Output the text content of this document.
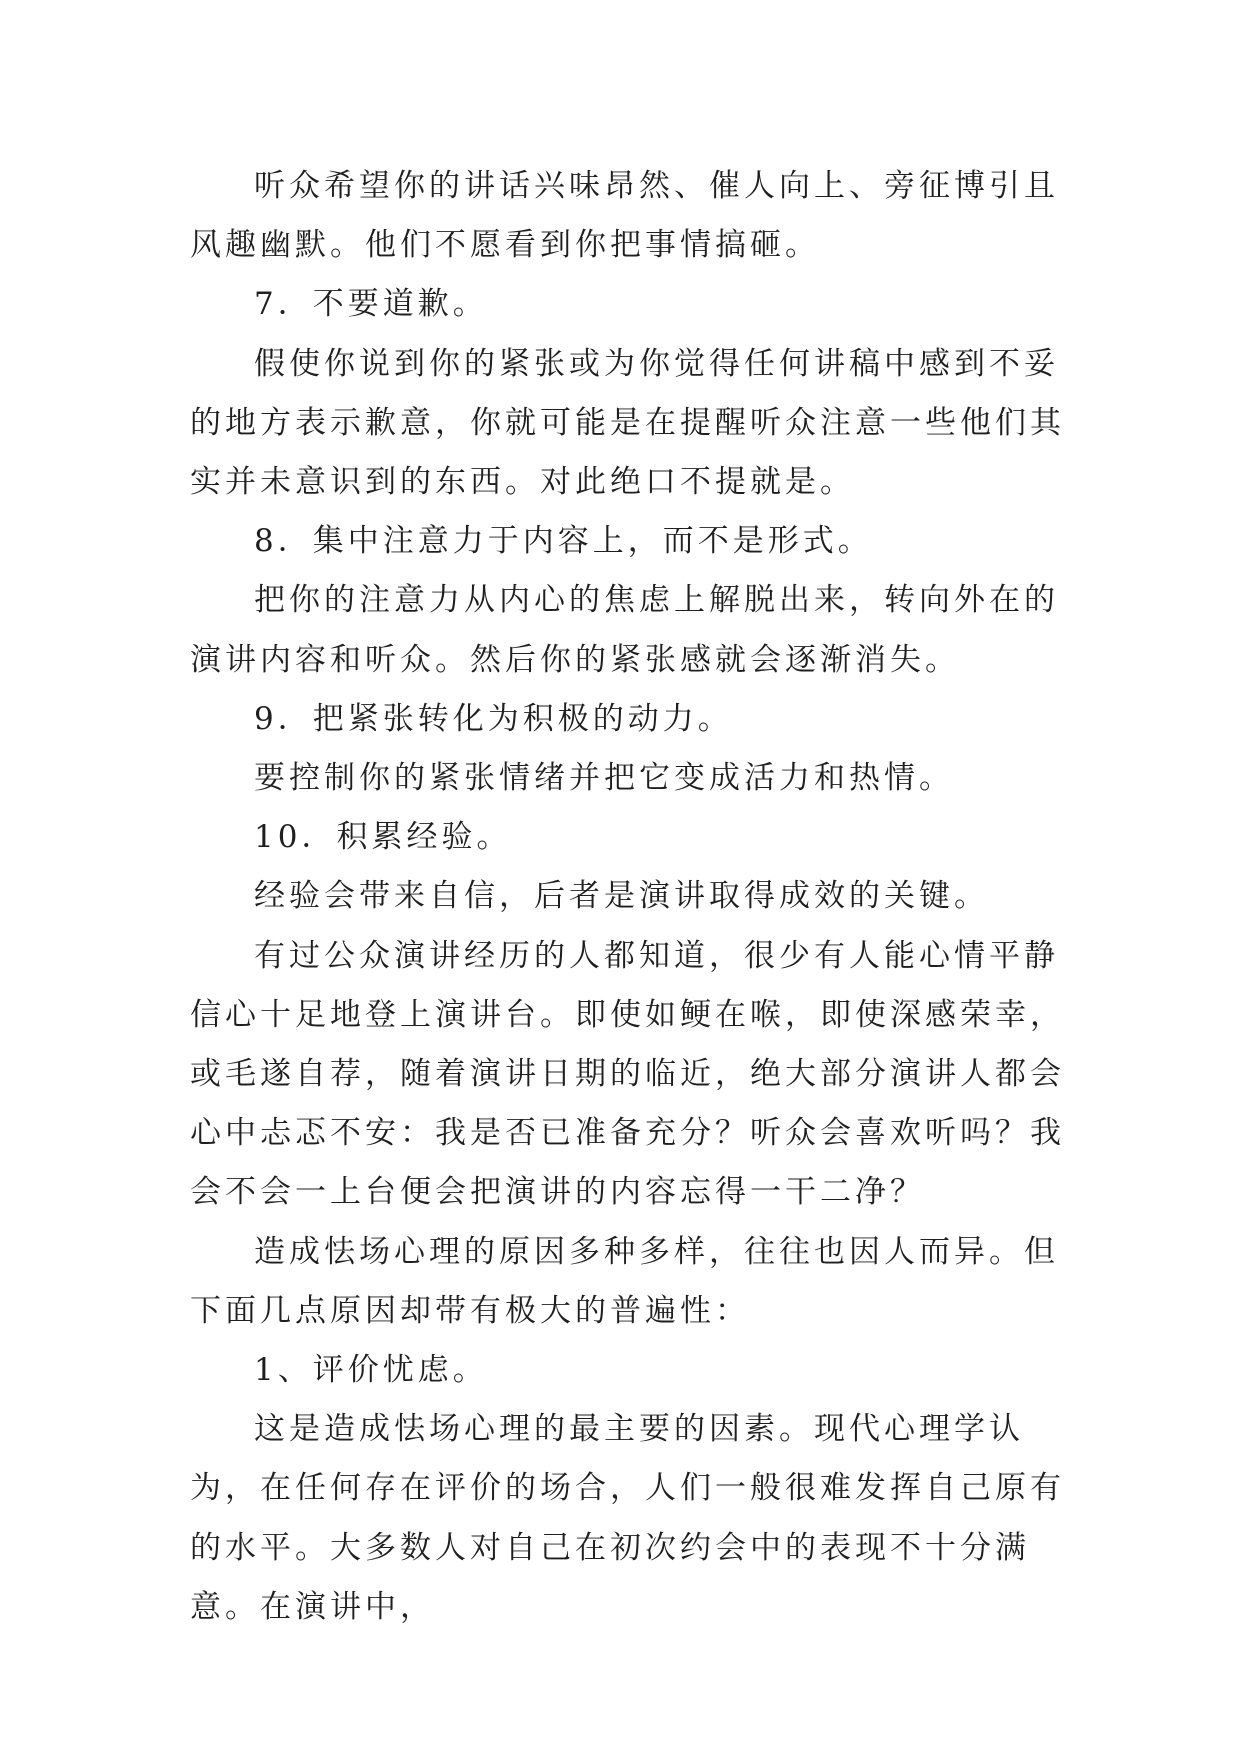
听众希望你的讲话兴味昂然、催人向上、旁征博引且风趣幽默。他们不愿看到你把事情搞砸。

7．不要道歉。

假使你说到你的紧张或为你觉得任何讲稿中感到不妥的地方表示歉意，你就可能是在提醒听众注意一些他们其实并未意识到的东西。对此绝口不提就是。

8．集中注意力于内容上，而不是形式。

把你的注意力从内心的焦虑上解脱出来，转向外在的演讲内容和听众。然后你的紧张感就会逐渐消失。

9．把紧张转化为积极的动力。

要控制你的紧张情绪并把它变成活力和热情。

10．积累经验。

经验会带来自信，后者是演讲取得成效的关键。

有过公众演讲经历的人都知道，很少有人能心情平静信心十足地登上演讲台。即使如鲠在喉，即使深感荣幸，或毛遂自荐，随着演讲日期的临近，绝大部分演讲人都会心中忐忑不安：我是否已准备充分？听众会喜欢听吗？我会不会一上台便会把演讲的内容忘得一干二净？

造成怯场心理的原因多种多样，往往也因人而异。但下面几点原因却带有极大的普遍性：

1、评价忧虑。

这是造成怯场心理的最主要的因素。现代心理学认为，在任何存在评价的场合，人们一般很难发挥自己原有的水平。大多数人对自己在初次约会中的表现不十分满意。在演讲中，
